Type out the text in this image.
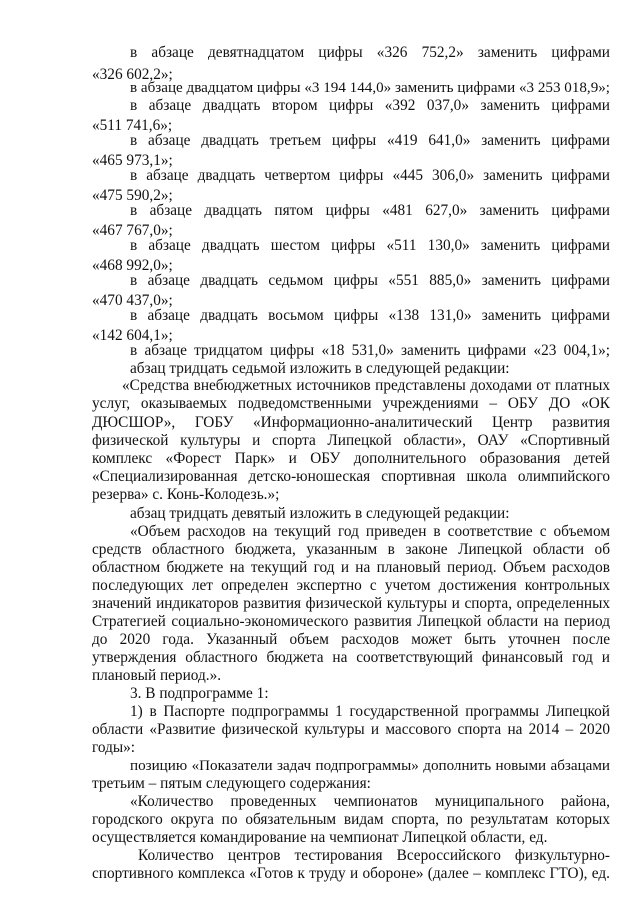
в абзаце девятнадцатом цифры «326 752,2» заменить цифрами

«326 602,2»;

в абзаце двадцатом цифры «3 194 144,0» заменить цифрами «3 253 018,9»;

в абзаце двадцать втором цифры «392 037,0» заменить цифрами

«511 741,6»;

в абзаце двадцать третьем цифры «419 641,0» заменить цифрами

«465 973,1»;

в абзаце двадцать четвертом цифры «445 306,0» заменить цифрами

«475 590,2»;

в абзаце двадцать пятом цифры «481 627,0» заменить цифрами

«467 767,0»;

в абзаце двадцать шестом цифры «511 130,0» заменить цифрами

«468 992,0»;

в абзаце двадцать седьмом цифры «551 885,0» заменить цифрами

«470 437,0»;

в абзаце двадцать восьмом цифры «138 131,0» заменить цифрами

«142 604,1»;

в абзаце тридцатом цифры «18 531,0» заменить цифрами «23 004,1»;

абзац тридцать седьмой изложить в следующей редакции:

«Средства внебюджетных источников представлены доходами от платных

услуг, оказываемых подведомственными учреждениями – ОБУ ДО «ОК

ДЮСШОР», ГОБУ «Информационно-аналитический Центр развития

физической культуры и спорта Липецкой области», ОАУ «Спортивный

комплекс «Форест Парк» и ОБУ дополнительного образования детей

«Специализированная детско-юношеская спортивная школа олимпийского

резерва» с. Конь-Колодезь.»;

абзац тридцать девятый изложить в следующей редакции:

«Объем расходов на текущий год приведен в соответствие с объемом

средств областного бюджета, указанным в законе Липецкой области об

областном бюджете на текущий год и на плановый период. Объем расходов

последующих лет определен экспертно с учетом достижения контрольных

значений индикаторов развития физической культуры и спорта, определенных

Стратегией социально-экономического развития Липецкой области на период

до 2020 года. Указанный объем расходов может быть уточнен после

утверждения областного бюджета на соответствующий финансовый год и

плановый период.».

3. В подпрограмме 1:

1) в Паспорте подпрограммы 1 государственной программы Липецкой

области «Развитие физической культуры и массового спорта на 2014 – 2020

годы»:

позицию «Показатели задач подпрограммы» дополнить новыми абзацами

третьим – пятым следующего содержания:

«Количество проведенных чемпионатов муниципального района,

городского округа по обязательным видам спорта, по результатам которых

осуществляется командирование на чемпионат Липецкой области, ед.

Количество центров тестирования Всероссийского физкультурно-

спортивного комплекса «Готов к труду и обороне» (далее – комплекс ГТО), ед.
